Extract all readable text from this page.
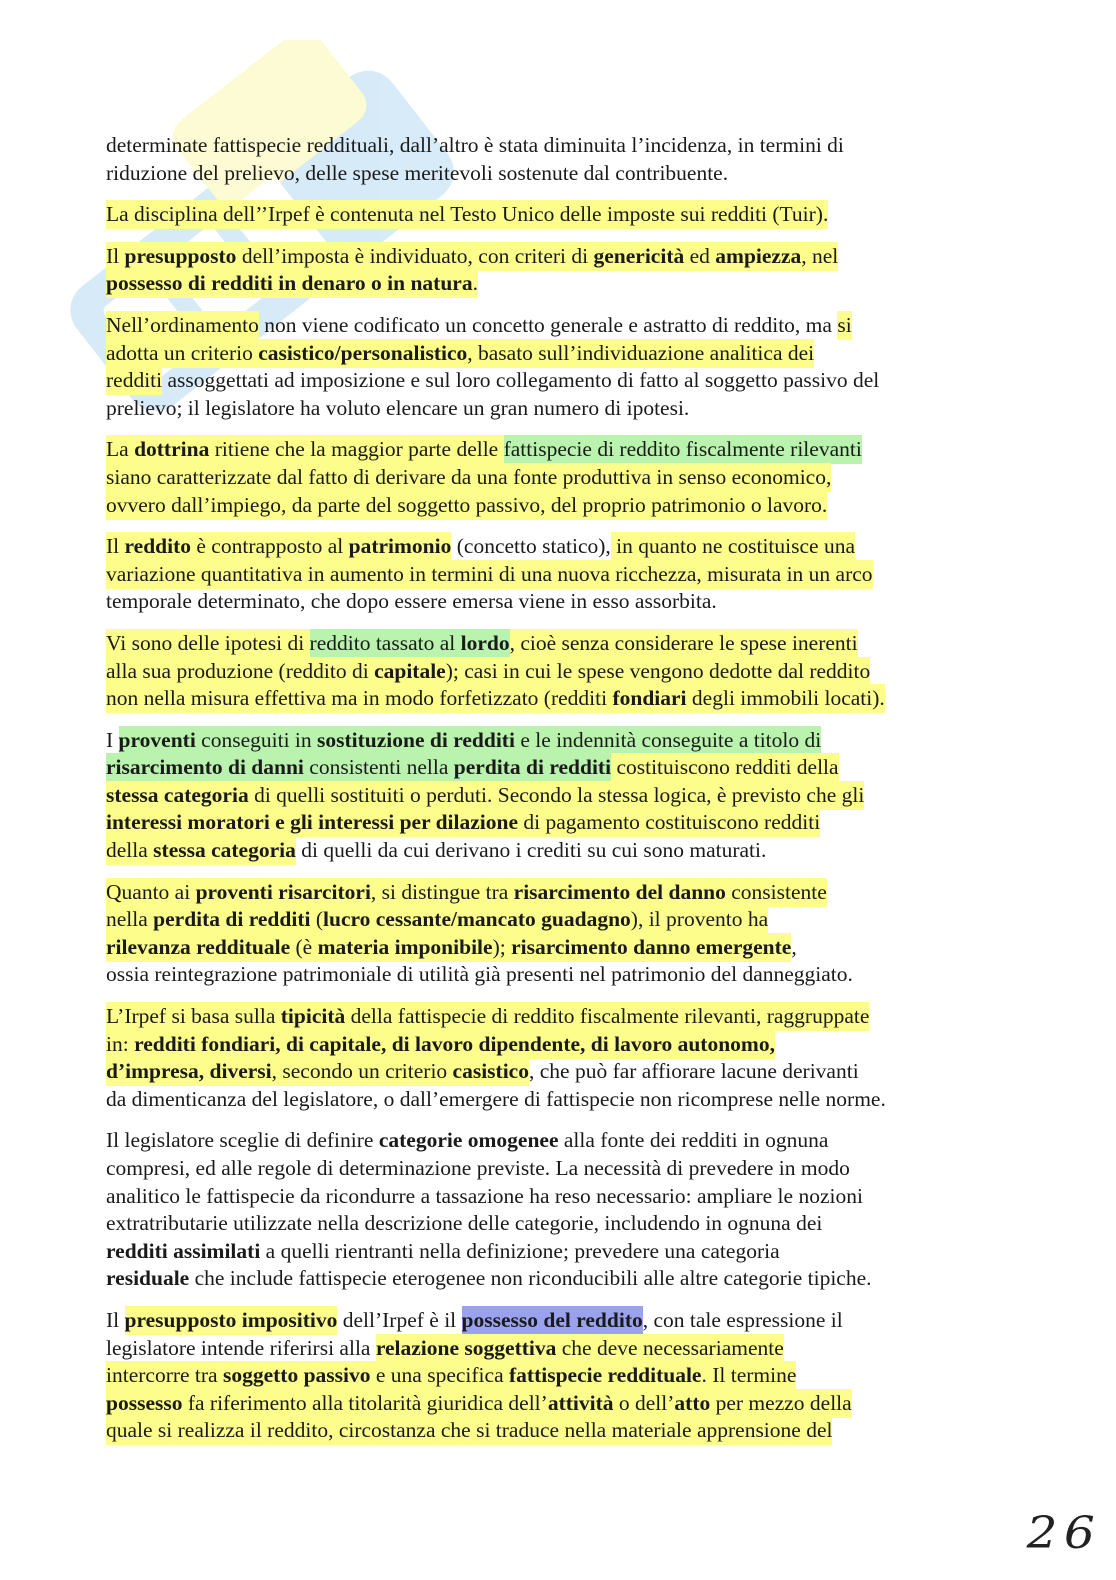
determinate fattispecie reddituali, dall’altro è stata diminuita l’incidenza, in termini di
riduzione del prelievo, delle spese meritevoli sostenute dal contribuente.
La disciplina dell’’Irpef è contenuta nel Testo Unico delle imposte sui redditi (Tuir).
Il presupposto dell’imposta è individuato, con criteri di genericità ed ampiezza, nel
possesso di redditi in denaro o in natura.
Nell’ordinamento non viene codificato un concetto generale e astratto di reddito, ma si
adotta un criterio casistico/personalistico, basato sull’individuazione analitica dei
redditi assoggettati ad imposizione e sul loro collegamento di fatto al soggetto passivo del
prelievo; il legislatore ha voluto elencare un gran numero di ipotesi.
La dottrina ritiene che la maggior parte delle fattispecie di reddito fiscalmente rilevanti
siano caratterizzate dal fatto di derivare da una fonte produttiva in senso economico,
ovvero dall’impiego, da parte del soggetto passivo, del proprio patrimonio o lavoro.
Il reddito è contrapposto al patrimonio (concetto statico), in quanto ne costituisce una
variazione quantitativa in aumento in termini di una nuova ricchezza, misurata in un arco
temporale determinato, che dopo essere emersa viene in esso assorbita.
Vi sono delle ipotesi di reddito tassato al lordo, cioè senza considerare le spese inerenti
alla sua produzione (reddito di capitale); casi in cui le spese vengono dedotte dal reddito
non nella misura effettiva ma in modo forfetizzato (redditi fondiari degli immobili locati).
I proventi conseguiti in sostituzione di redditi e le indennità conseguite a titolo di
risarcimento di danni consistenti nella perdita di redditi costituiscono redditi della
stessa categoria di quelli sostituiti o perduti. Secondo la stessa logica, è previsto che gli
interessi moratori e gli interessi per dilazione di pagamento costituiscono redditi
della stessa categoria di quelli da cui derivano i crediti su cui sono maturati.
Quanto ai proventi risarcitori, si distingue tra risarcimento del danno consistente
nella perdita di redditi (lucro cessante/mancato guadagno), il provento ha
rilevanza reddituale (è materia imponibile); risarcimento danno emergente,
ossia reintegrazione patrimoniale di utilità già presenti nel patrimonio del danneggiato.
L’Irpef si basa sulla tipicità della fattispecie di reddito fiscalmente rilevanti, raggruppate
in: redditi fondiari, di capitale, di lavoro dipendente, di lavoro autonomo,
d’impresa, diversi, secondo un criterio casistico, che può far affiorare lacune derivanti
da dimenticanza del legislatore, o dall’emergere di fattispecie non ricomprese nelle norme.
Il legislatore sceglie di definire categorie omogenee alla fonte dei redditi in ognuna
compresi, ed alle regole di determinazione previste. La necessità di prevedere in modo
analitico le fattispecie da ricondurre a tassazione ha reso necessario: ampliare le nozioni
extratributarie utilizzate nella descrizione delle categorie, includendo in ognuna dei
redditi assimilati a quelli rientranti nella definizione; prevedere una categoria
residuale che include fattispecie eterogenee non riconducibili alle altre categorie tipiche.
Il presupposto impositivo dell’Irpef è il possesso del reddito, con tale espressione il
legislatore intende riferirsi alla relazione soggettiva che deve necessariamente
intercorre tra soggetto passivo e una specifica fattispecie reddituale. Il termine
possesso fa riferimento alla titolarità giuridica dell’attività o dell’atto per mezzo della
quale si realizza il reddito, circostanza che si traduce nella materiale apprensione del
26
